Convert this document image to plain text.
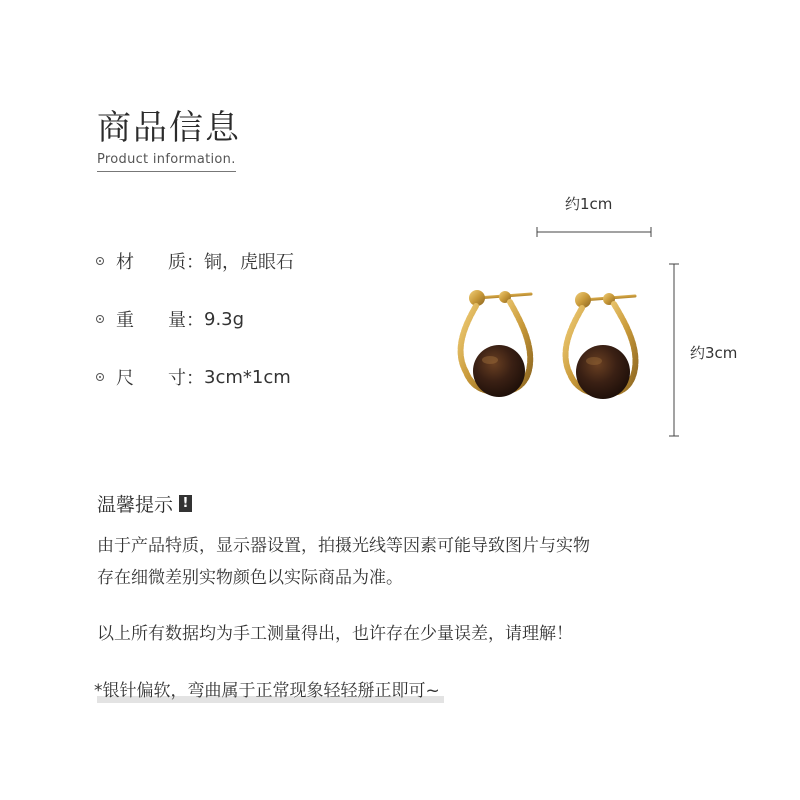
商品信息
Product information.
材 质： 铜，虎眼石
重 量： 9.3g
尺 寸： 3cm*1cm
约1cm
约3cm
温馨提示 !
由于产品特质，显示器设置，拍摄光线等因素可能导致图片与实物
存在细微差别实物颜色以实际商品为准。
以上所有数据均为手工测量得出，也许存在少量误差，请理解！
*银针偏软，弯曲属于正常现象轻轻掰正即可~
